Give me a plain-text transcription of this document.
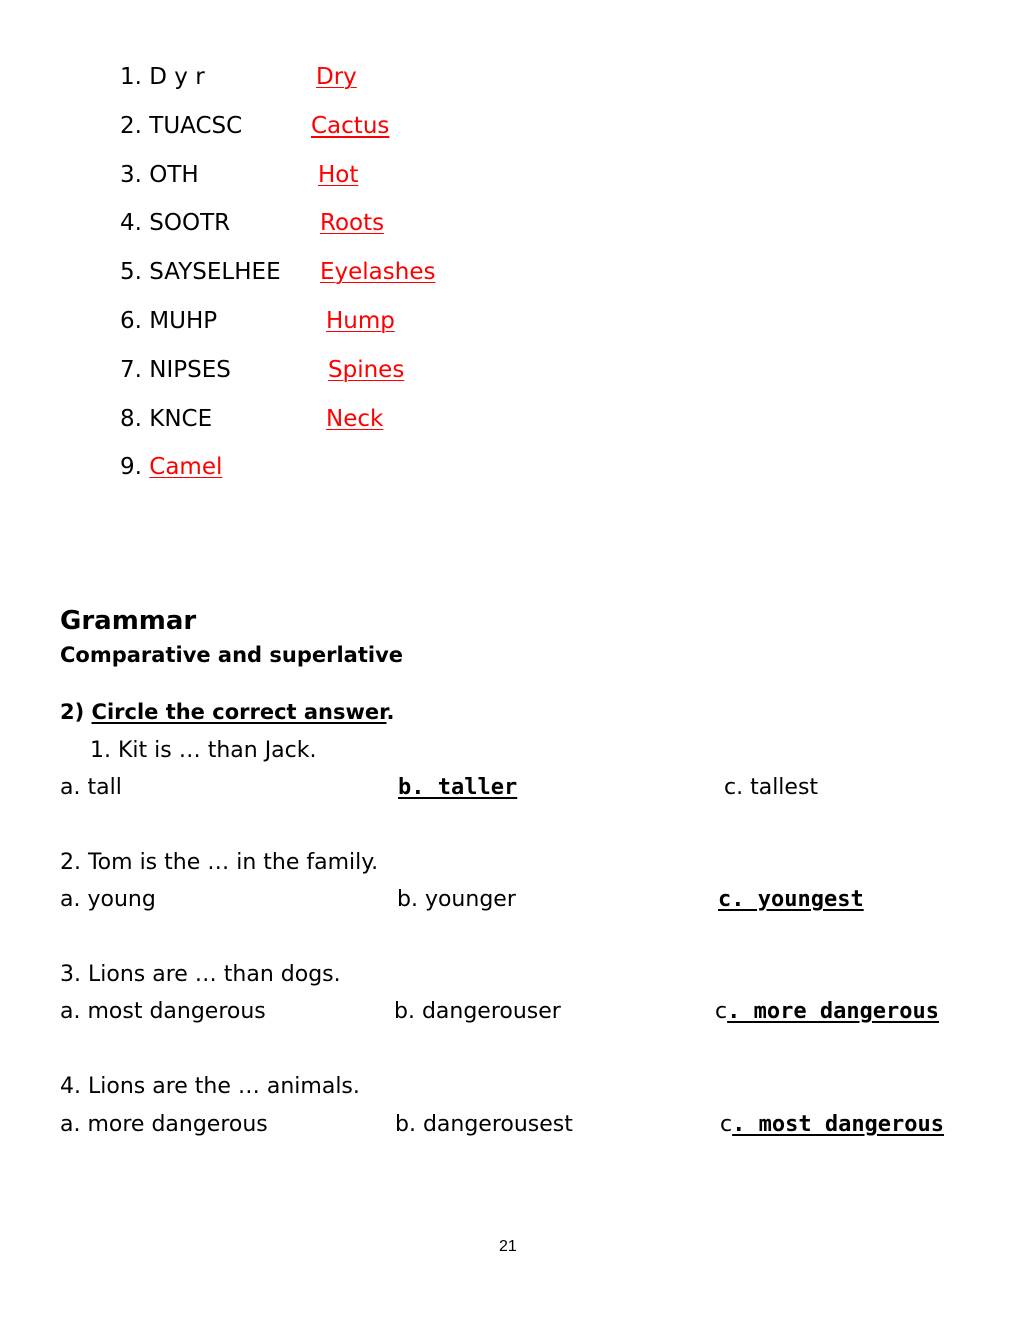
1. D y r	Dry
2. TUACSC	Cactus
3. OTH	Hot
4. SOOTR	Roots
5. SAYSELHEE Eyelashes
6. MUHP	Hump
7. NIPSES	Spines
8. KNCE	Neck
9. Camel
Grammar
Comparative and superlative
2) Circle the correct answer.
1. Kit is … than Jack.
a. tall	b. taller	c. tallest
2. Tom is the … in the family.
a. young	b. younger	c. youngest
3. Lions are … than dogs.
a. most dangerous	b. dangerouser	c. more dangerous
4. Lions are the … animals.
a. more dangerous	b. dangerousest	c. most dangerous
21
